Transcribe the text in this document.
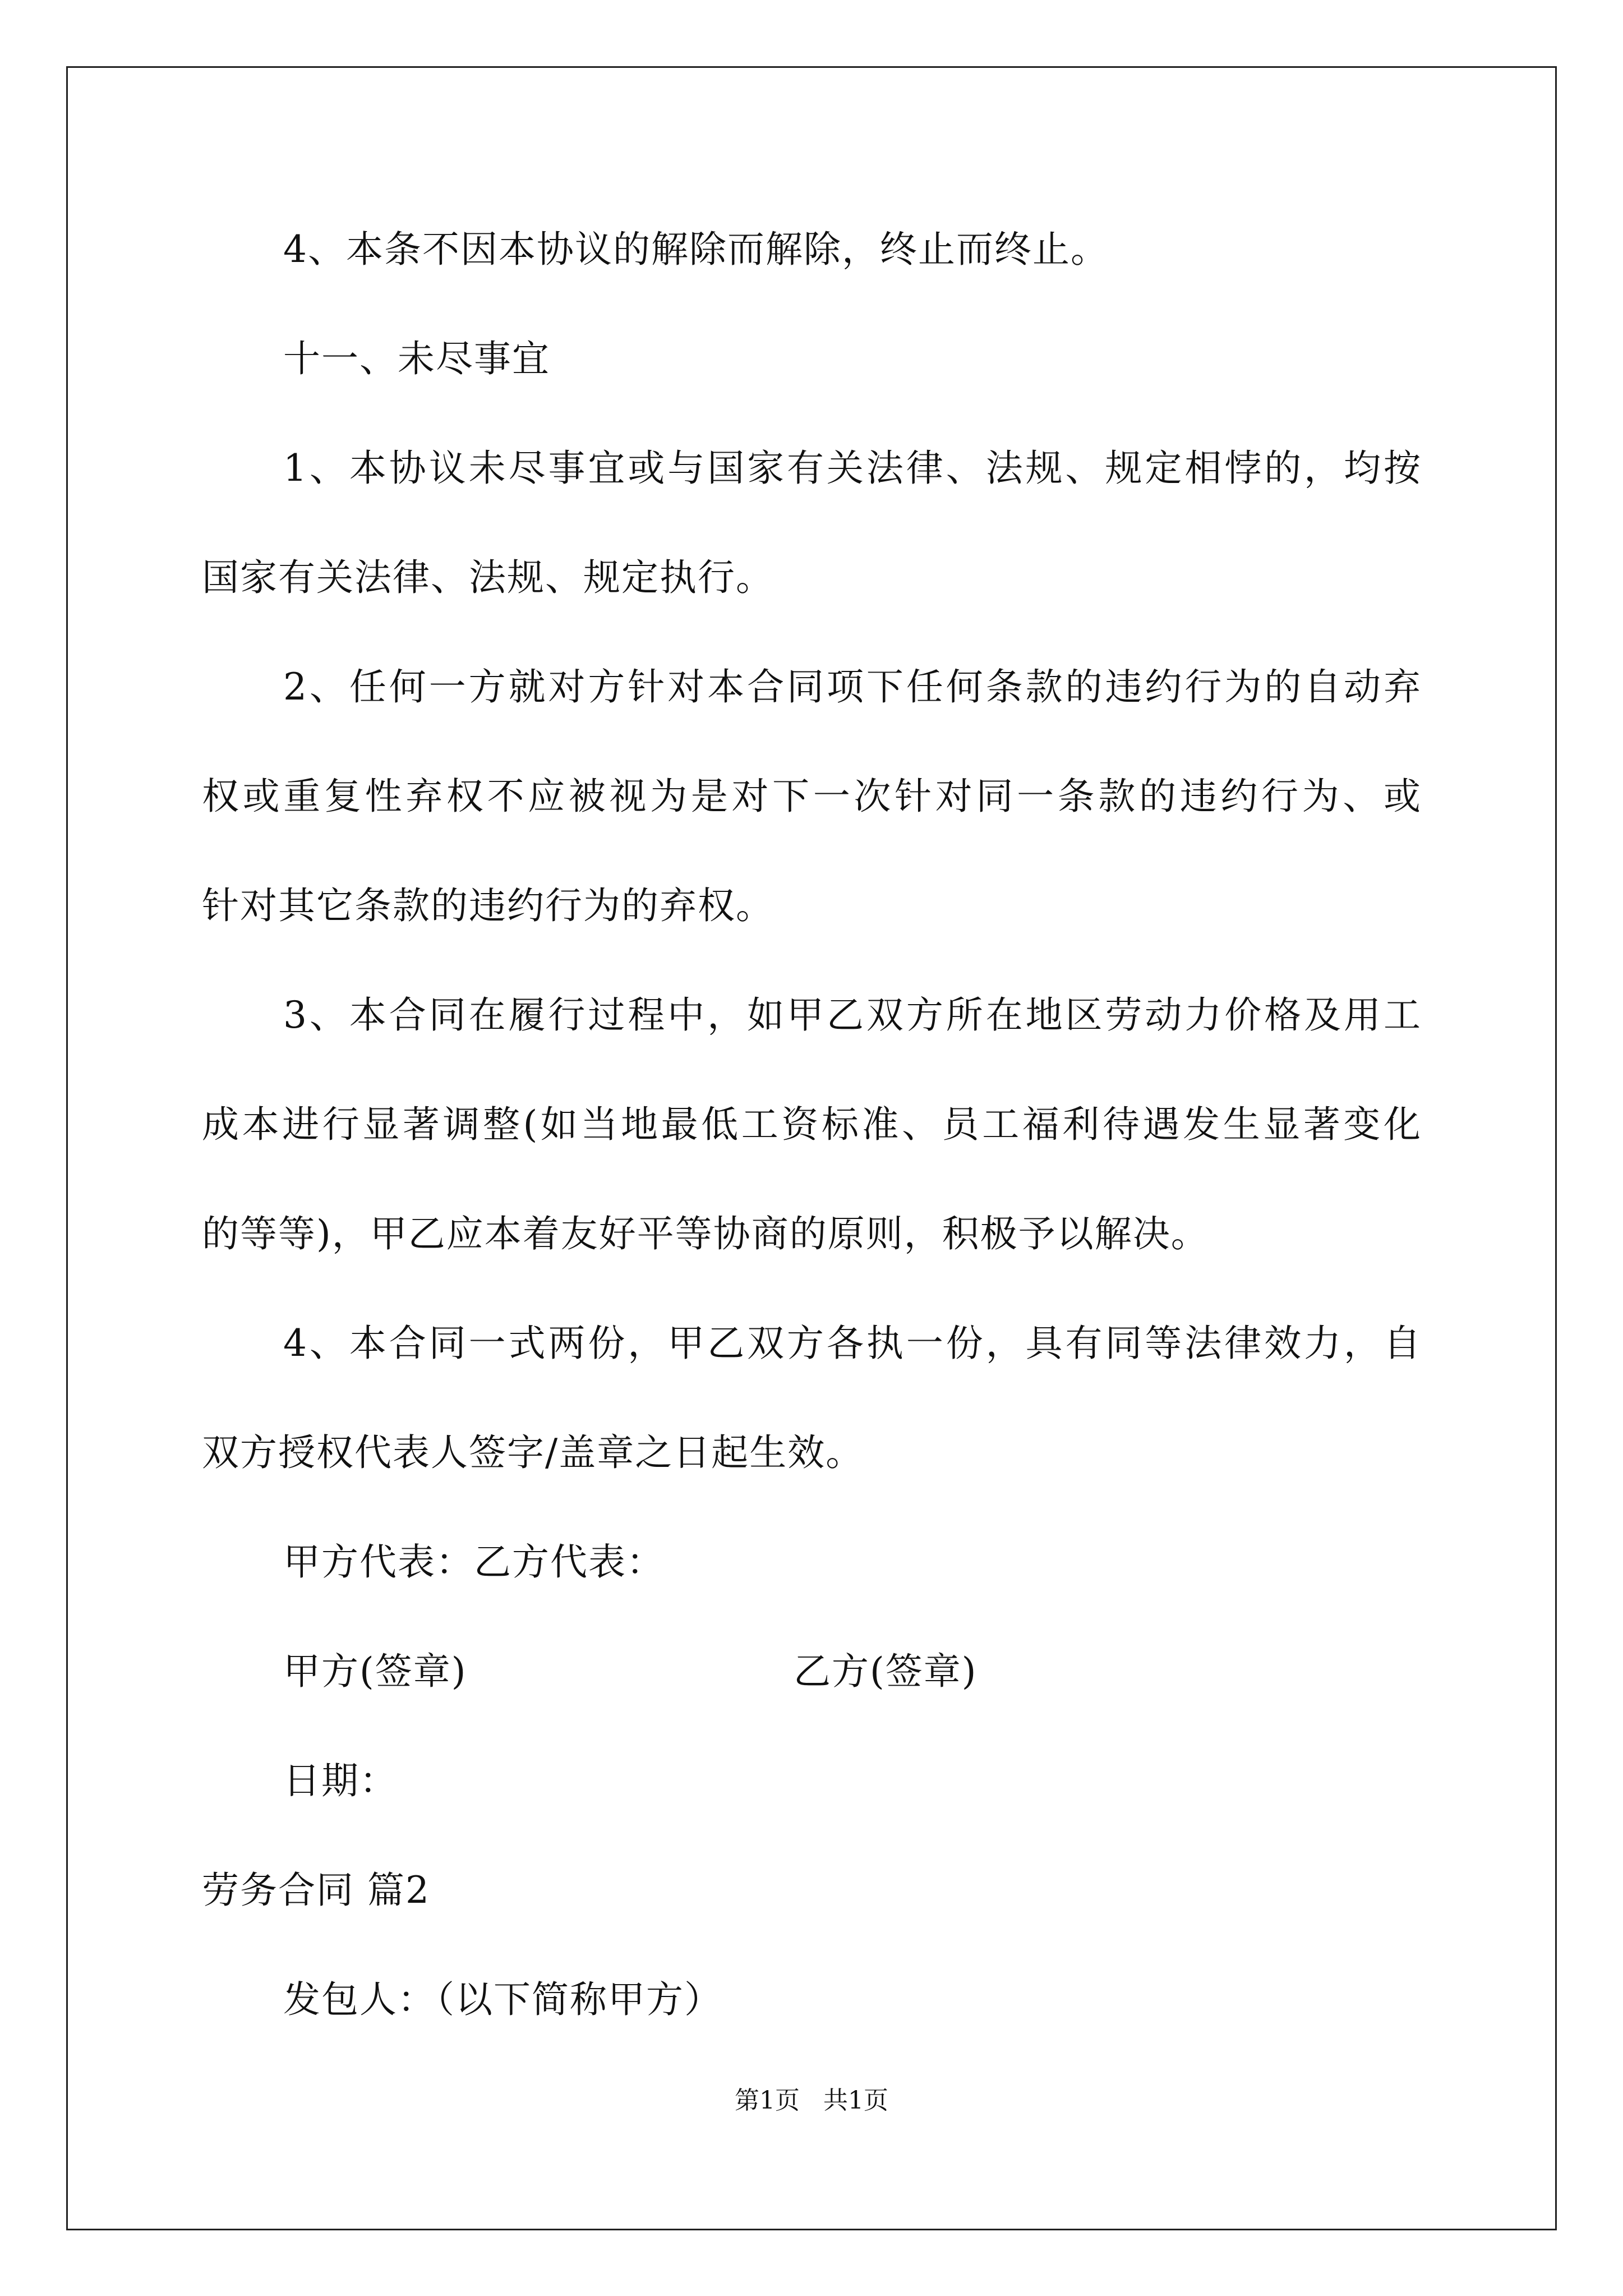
4、本条不因本协议的解除而解除，终止而终止。
十一、未尽事宜
1、本协议未尽事宜或与国家有关法律、法规、规定相悖的，均按
国家有关法律、法规、规定执行。
2、任何一方就对方针对本合同项下任何条款的违约行为的自动弃
权或重复性弃权不应被视为是对下一次针对同一条款的违约行为、或
针对其它条款的违约行为的弃权。
3、本合同在履行过程中，如甲乙双方所在地区劳动力价格及用工
成本进行显著调整(如当地最低工资标准、员工福利待遇发生显著变化
的等等)，甲乙应本着友好平等协商的原则，积极予以解决。
4、本合同一式两份，甲乙双方各执一份，具有同等法律效力，自
双方授权代表人签字/盖章之日起生效。
甲方代表：乙方代表：
甲方(签章)	乙方(签章)
日期：
劳务合同 篇2
发包人：（以下简称甲方）
第1页   共1页
